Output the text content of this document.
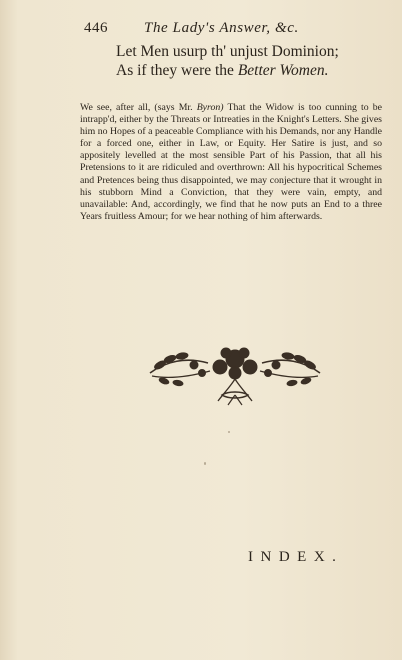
446 The Lady's Answer, &c.
Let Men usurp th' unjust Dominion;
As if they were the Better Women.

We see, after all, (says Mr. Byron) That the Widow is too cunning to be intrapp'd, either by the Threats or Intreaties in the Knight's Letters. She gives him no Hopes of a peaceable Compliance with his Demands, nor any Handle for a forced one, either in Law, or Equity. Her Satire is just, and so appositely levelled at the most sensible Part of his Passion, that all his Pretensions to it are ridiculed and overthrown: All his hypocritical Schemes and Pretences being thus disappointed, we may conjecture that it wrought in his stubborn Mind a Conviction, that they were vain, empty, and unavailable: And, accordingly, we find that he now puts an End to a three Years fruitless Amour; for we hear nothing of him afterwards.

INDEX.
